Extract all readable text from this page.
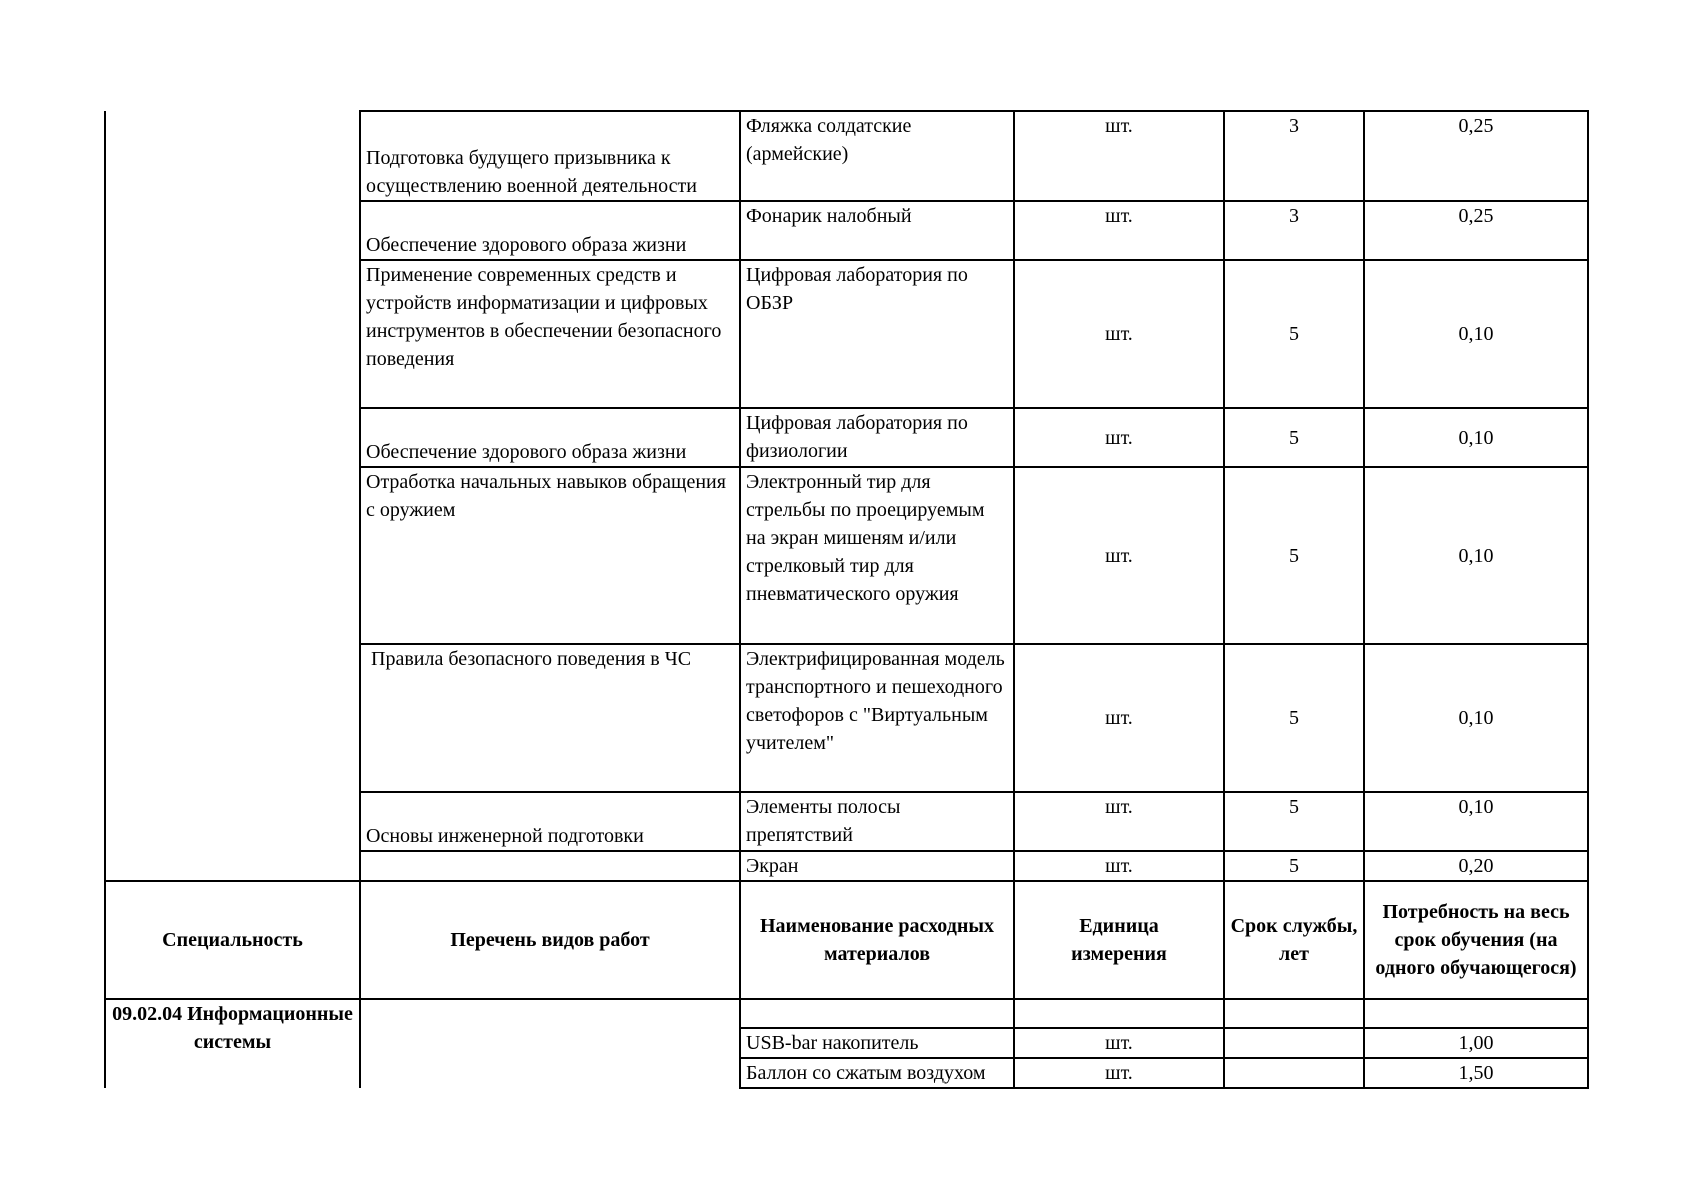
	Подготовка будущего призывника к осуществлению военной деятельности	Фляжка солдатские (армейские)	шт.	3	0,25
	Обеспечение здорового образа жизни	Фонарик налобный	шт.	3	0,25
	Применение современных средств и устройств информатизации и цифровых инструментов в обеспечении безопасного поведения	Цифровая лаборатория по ОБЗР	шт.	5	0,10
	Обеспечение здорового образа жизни	Цифровая лаборатория по физиологии	шт.	5	0,10
	Отработка начальных навыков обращения с оружием	Электронный тир для стрельбы по проецируемым на экран мишеням и/или стрелковый тир для пневматического оружия	шт.	5	0,10
	Правила безопасного поведения в ЧС	Электрифицированная модель транспортного и пешеходного светофоров с "Виртуальным учителем"	шт.	5	0,10
	Основы инженерной подготовки	Элементы полосы препятствий	шт.	5	0,10
		Экран	шт.	5	0,20
Специальность	Перечень видов работ	Наименование расходных материалов	Единица измерения	Срок службы, лет	Потребность на весь срок обучения (на одного обучающегося)
09.02.04 Информационные системы					
		USB-bar накопитель	шт.		1,00
		Баллон со сжатым воздухом	шт.		1,50
